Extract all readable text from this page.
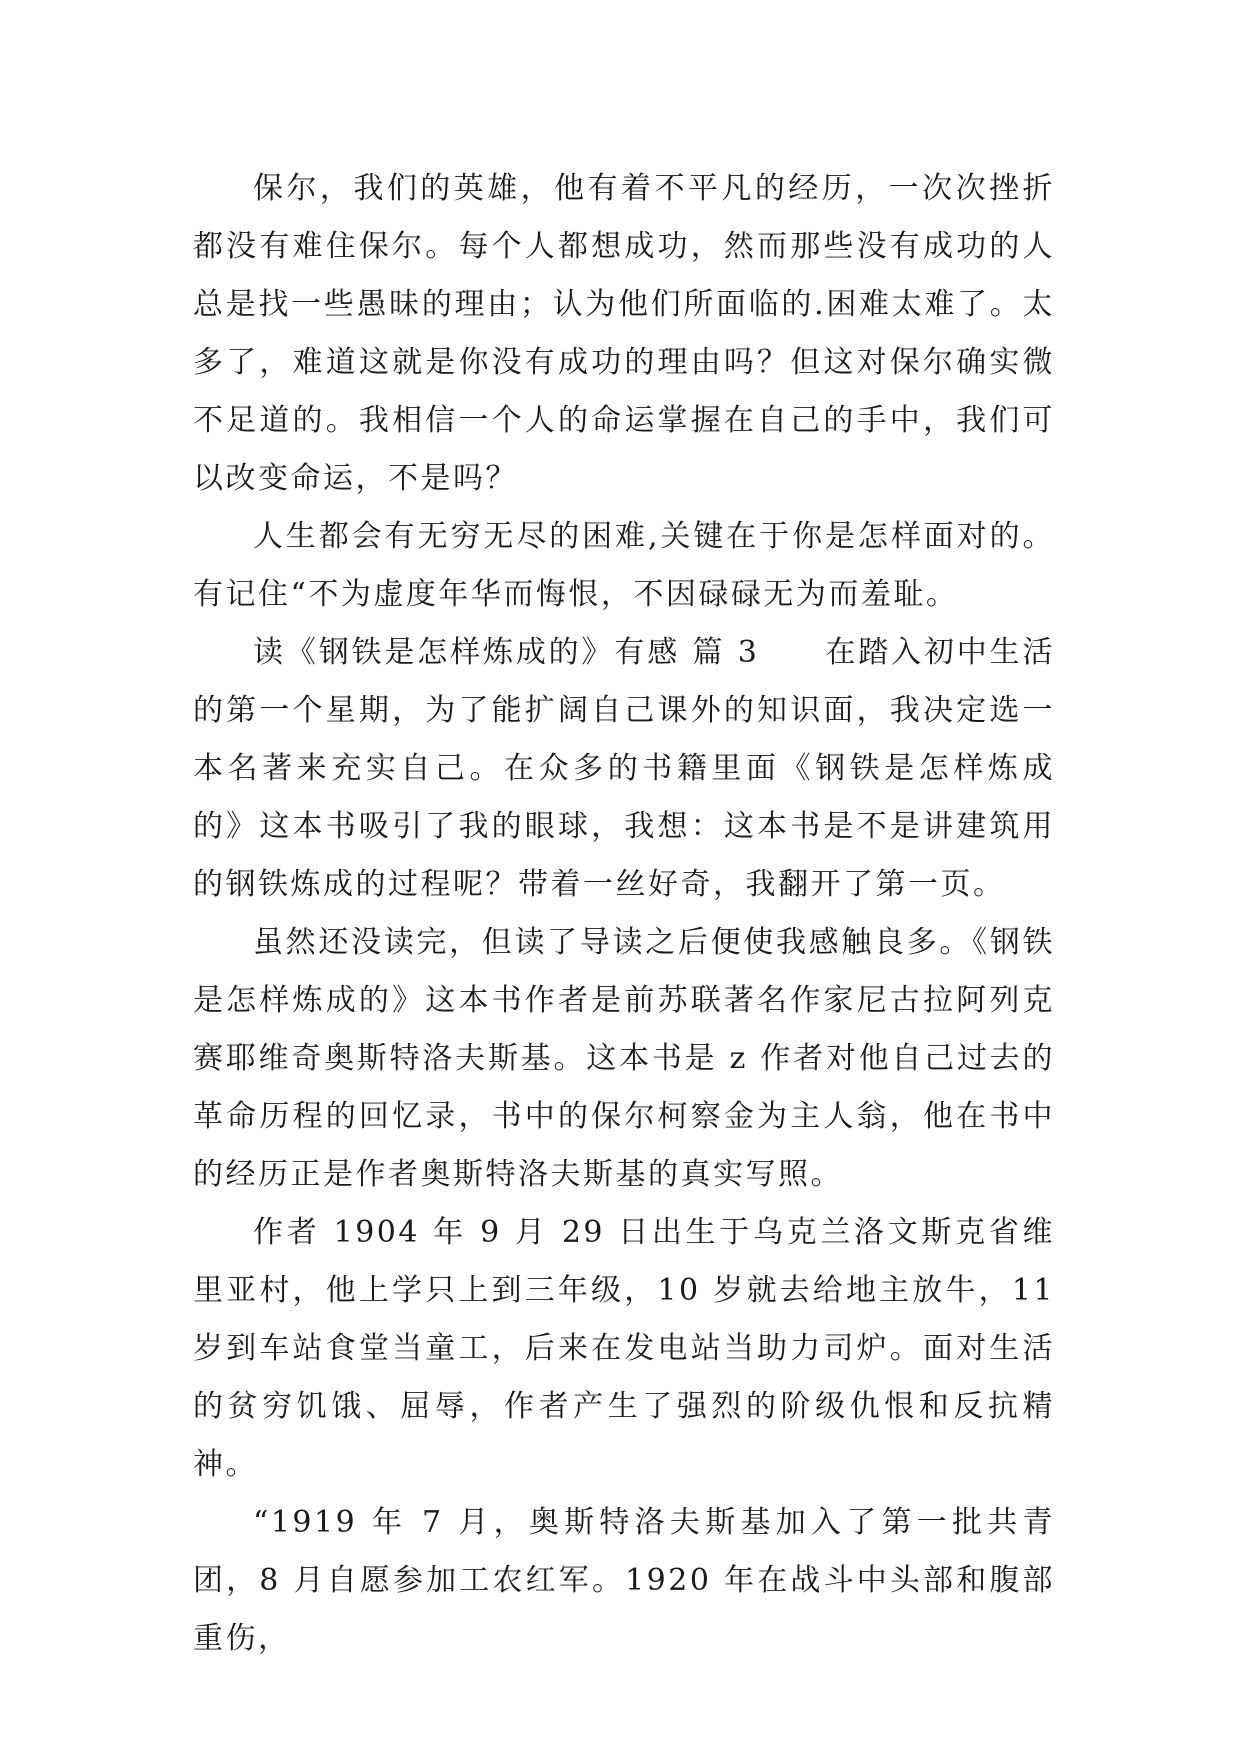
保尔，我们的英雄，他有着不平凡的经历，一次次挫折都没有难住保尔。每个人都想成功，然而那些没有成功的人总是找一些愚昧的理由；认为他们所面临的.困难太难了。太多了，难道这就是你没有成功的理由吗？但这对保尔确实微不足道的。我相信一个人的命运掌握在自己的手中，我们可以改变命运，不是吗？

人生都会有无穷无尽的困难,关键在于你是怎样面对的。有记住“不为虚度年华而悔恨，不因碌碌无为而羞耻。

读《钢铁是怎样炼成的》有感 篇 3　　在踏入初中生活的第一个星期，为了能扩阔自己课外的知识面，我决定选一本名著来充实自己。在众多的书籍里面《钢铁是怎样炼成的》这本书吸引了我的眼球，我想：这本书是不是讲建筑用的钢铁炼成的过程呢？带着一丝好奇，我翻开了第一页。

虽然还没读完，但读了导读之后便使我感触良多。《钢铁是怎样炼成的》这本书作者是前苏联著名作家尼古拉阿列克赛耶维奇奥斯特洛夫斯基。这本书是 z 作者对他自己过去的革命历程的回忆录，书中的保尔柯察金为主人翁，他在书中的经历正是作者奥斯特洛夫斯基的真实写照。

作者 1904 年 9 月 29 日出生于乌克兰洛文斯克省维里亚村，他上学只上到三年级，10 岁就去给地主放牛，11 岁到车站食堂当童工，后来在发电站当助力司炉。面对生活的贫穷饥饿、屈辱，作者产生了强烈的阶级仇恨和反抗精神。

“1919 年 7 月，奥斯特洛夫斯基加入了第一批共青团，8 月自愿参加工农红军。1920 年在战斗中头部和腹部重伤，
